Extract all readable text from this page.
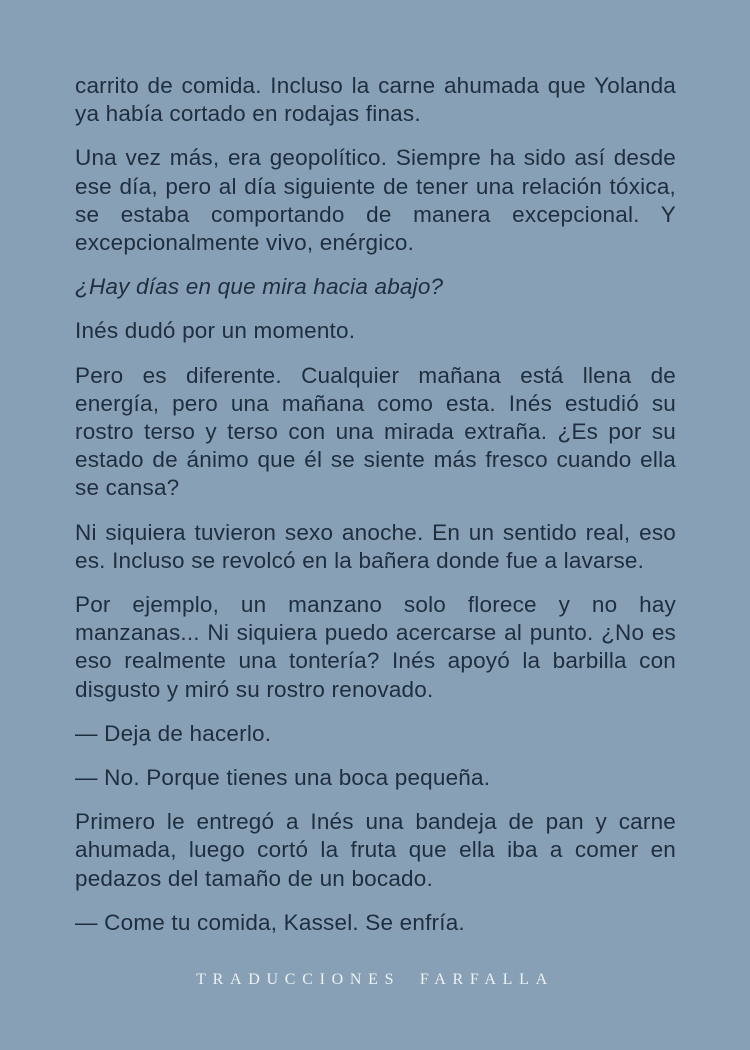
carrito de comida. Incluso la carne ahumada que Yolanda ya había cortado en rodajas finas.

Una vez más, era geopolítico. Siempre ha sido así desde ese día, pero al día siguiente de tener una relación tóxica, se estaba comportando de manera excepcional. Y excepcionalmente vivo, enérgico.

¿Hay días en que mira hacia abajo?

Inés dudó por un momento.

Pero es diferente. Cualquier mañana está llena de energía, pero una mañana como esta. Inés estudió su rostro terso y terso con una mirada extraña. ¿Es por su estado de ánimo que él se siente más fresco cuando ella se cansa?

Ni siquiera tuvieron sexo anoche. En un sentido real, eso es. Incluso se revolcó en la bañera donde fue a lavarse.

Por ejemplo, un manzano solo florece y no hay manzanas... Ni siquiera puedo acercarse al punto. ¿No es eso realmente una tontería? Inés apoyó la barbilla con disgusto y miró su rostro renovado.

— Deja de hacerlo.

— No. Porque tienes una boca pequeña.

Primero le entregó a Inés una bandeja de pan y carne ahumada, luego cortó la fruta que ella iba a comer en pedazos del tamaño de un bocado.

— Come tu comida, Kassel. Se enfría.

TRADUCCIONES FARFALLA
